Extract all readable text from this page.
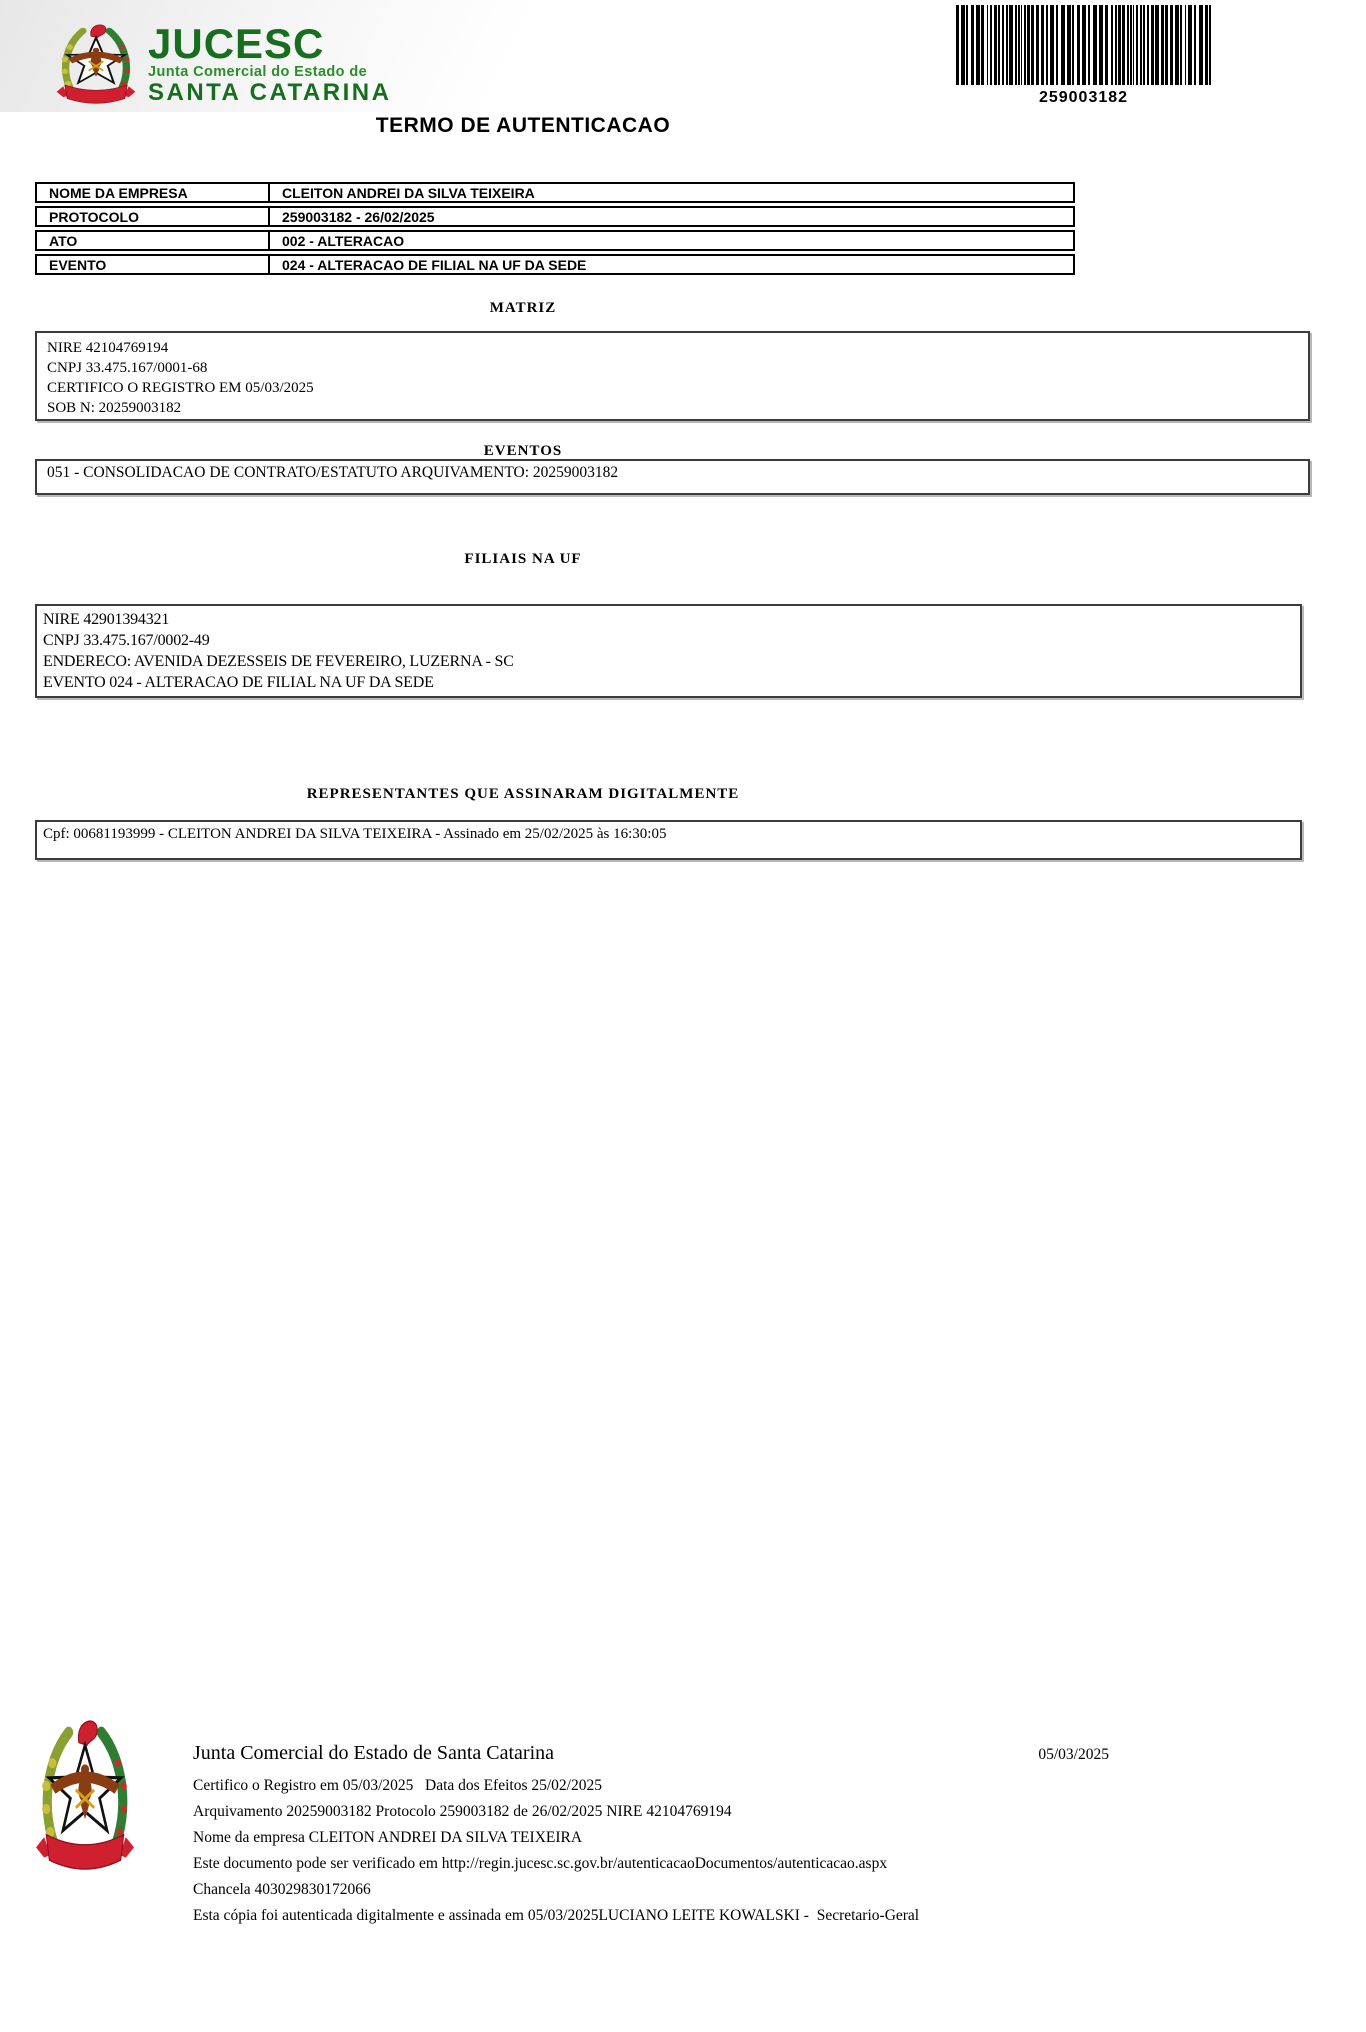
JUCESC
Junta Comercial do Estado de
SANTA CATARINA	259003182
TERMO DE AUTENTICACAO
NOME DA EMPRESA	CLEITON ANDREI DA SILVA TEIXEIRA
PROTOCOLO	259003182 - 26/02/2025
ATO	002 - ALTERACAO
EVENTO	024 - ALTERACAO DE FILIAL NA UF DA SEDE
MATRIZ
NIRE 42104769194
CNPJ 33.475.167/0001-68
CERTIFICO O REGISTRO EM 05/03/2025
SOB N: 20259003182
EVENTOS
051 - CONSOLIDACAO DE CONTRATO/ESTATUTO ARQUIVAMENTO: 20259003182
FILIAIS NA UF
NIRE 42901394321
CNPJ 33.475.167/0002-49
ENDERECO: AVENIDA DEZESSEIS DE FEVEREIRO, LUZERNA - SC
EVENTO 024 - ALTERACAO DE FILIAL NA UF DA SEDE
REPRESENTANTES QUE ASSINARAM DIGITALMENTE
Cpf: 00681193999 - CLEITON ANDREI DA SILVA TEIXEIRA - Assinado em 25/02/2025 às 16:30:05
Junta Comercial do Estado de Santa Catarina	05/03/2025
Certifico o Registro em 05/03/2025   Data dos Efeitos 25/02/2025
Arquivamento 20259003182 Protocolo 259003182 de 26/02/2025 NIRE 42104769194
Nome da empresa CLEITON ANDREI DA SILVA TEIXEIRA
Este documento pode ser verificado em http://regin.jucesc.sc.gov.br/autenticacaoDocumentos/autenticacao.aspx
Chancela 403029830172066
Esta cópia foi autenticada digitalmente e assinada em 05/03/2025LUCIANO LEITE KOWALSKI -  Secretario-Geral
